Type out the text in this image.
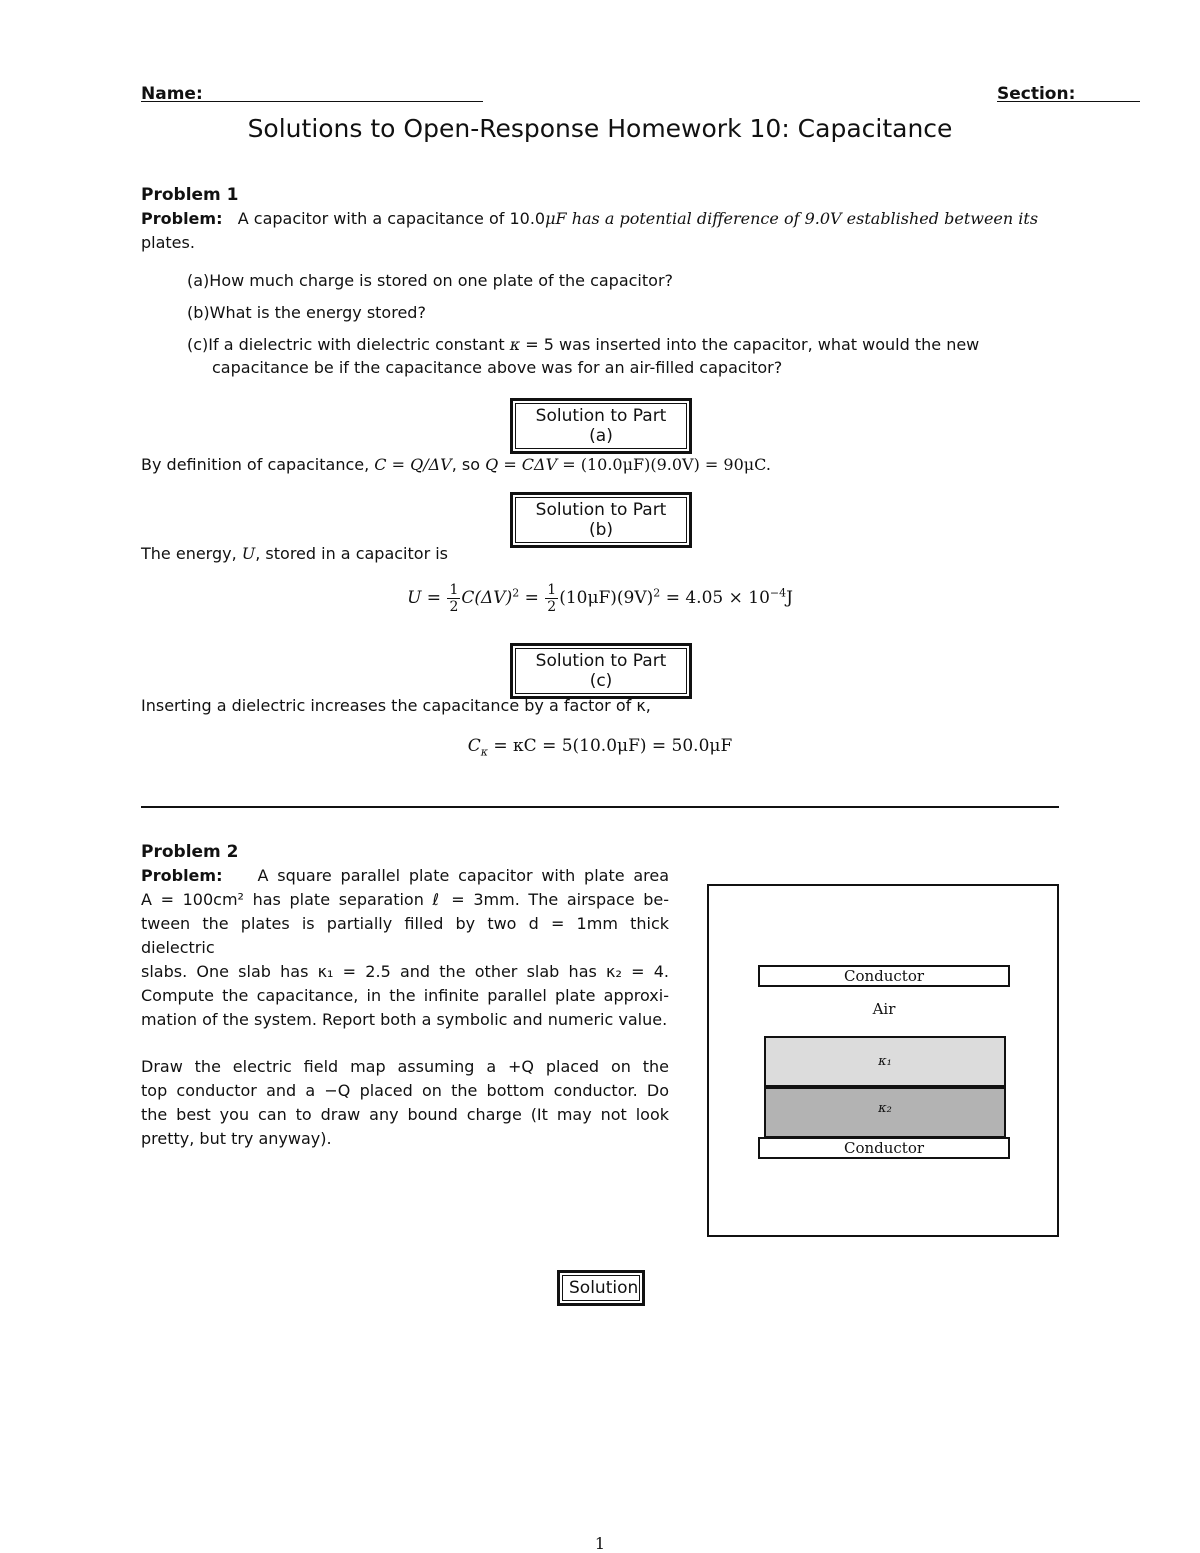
Name:	Section:
Solutions to Open-Response Homework 10: Capacitance
Problem 1
Problem: A capacitor with a capacitance of 10.0μF has a potential difference of 9.0V established between its
plates.
(a)How much charge is stored on one plate of the capacitor?
(b)What is the energy stored?
(c)If a dielectric with dielectric constant κ = 5 was inserted into the capacitor, what would the new
capacitance be if the capacitance above was for an air-filled capacitor?
Solution to Part (a)
By definition of capacitance, C = Q/ΔV, so Q = CΔV = (10.0μF)(9.0V) = 90μC.
Solution to Part (b)
The energy, U, stored in a capacitor is
$U = \frac{1}{2} C(\Delta V)^2 = \frac{1}{2} (10\mu F)(9V)^2 = 4.05 \times 10^{-4}J$
Solution to Part (c)
Inserting a dielectric increases the capacitance by a factor of κ,
$C_\kappa = \kappa C = 5(10.0\mu F) = 50.0\mu F$
Problem 2
Problem: A square parallel plate capacitor with plate area
A = 100cm² has plate separation ℓ = 3mm. The airspace be-
tween the plates is partially filled by two d = 1mm thick dielectric
slabs. One slab has κ₁ = 2.5 and the other slab has κ₂ = 4.
Compute the capacitance, in the infinite parallel plate approxi-
mation of the system. Report both a symbolic and numeric value.
Draw the electric field map assuming a +Q placed on the
top conductor and a −Q placed on the bottom conductor. Do
the best you can to draw any bound charge (It may not look
pretty, but try anyway).
Conductor
Air
κ₁
κ₂
Conductor
Solution
1
